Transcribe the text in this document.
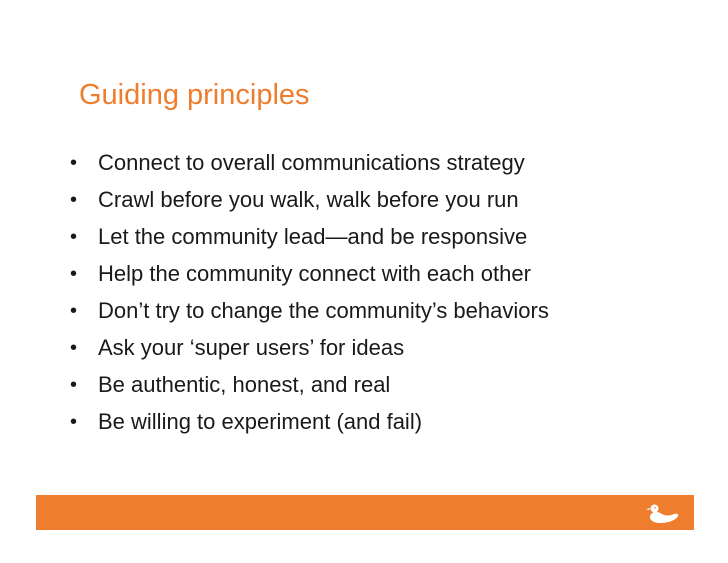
Guiding principles
• Connect to overall communications strategy
• Crawl before you walk, walk before you run
• Let the community lead—and be responsive
• Help the community connect with each other
• Don’t try to change the community’s behaviors
• Ask your ‘super users’ for ideas
• Be authentic, honest, and real
• Be willing to experiment (and fail)
